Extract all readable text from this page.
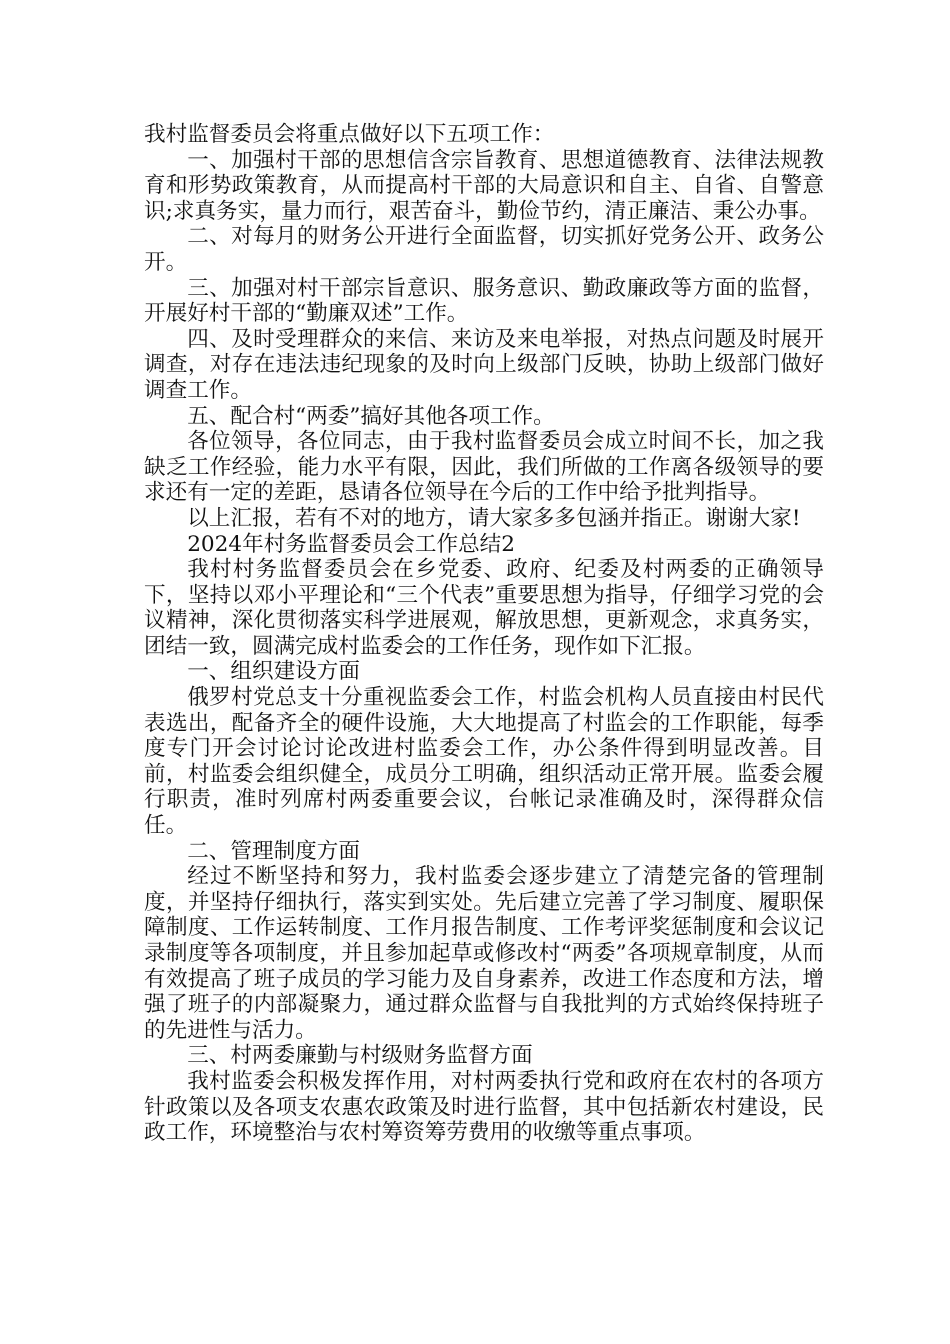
我村监督委员会将重点做好以下五项工作：

一、加强村干部的思想信含宗旨教育、思想道德教育、法律法规教育和形势政策教育，从而提高村干部的大局意识和自主、自省、自警意识;求真务实，量力而行，艰苦奋斗，勤俭节约，清正廉洁、秉公办事。

二、对每月的财务公开进行全面监督，切实抓好党务公开、政务公开。

三、加强对村干部宗旨意识、服务意识、勤政廉政等方面的监督，开展好村干部的“勤廉双述”工作。

四、及时受理群众的来信、来访及来电举报，对热点问题及时展开调查，对存在违法违纪现象的及时向上级部门反映，协助上级部门做好调查工作。

五、配合村“两委”搞好其他各项工作。

各位领导，各位同志，由于我村监督委员会成立时间不长，加之我缺乏工作经验，能力水平有限，因此，我们所做的工作离各级领导的要求还有一定的差距，恳请各位领导在今后的工作中给予批判指导。

以上汇报，若有不对的地方，请大家多多包涵并指正。谢谢大家!

2024年村务监督委员会工作总结2

我村村务监督委员会在乡党委、政府、纪委及村两委的正确领导下，坚持以邓小平理论和“三个代表”重要思想为指导，仔细学习党的会议精神，深化贯彻落实科学进展观，解放思想，更新观念，求真务实，团结一致，圆满完成村监委会的工作任务，现作如下汇报。

一、组织建设方面

俄罗村党总支十分重视监委会工作，村监会机构人员直接由村民代表选出，配备齐全的硬件设施，大大地提高了村监会的工作职能，每季度专门开会讨论讨论改进村监委会工作，办公条件得到明显改善。目前，村监委会组织健全，成员分工明确，组织活动正常开展。监委会履行职责，准时列席村两委重要会议，台帐记录准确及时，深得群众信任。

二、管理制度方面

经过不断坚持和努力，我村监委会逐步建立了清楚完备的管理制度，并坚持仔细执行，落实到实处。先后建立完善了学习制度、履职保障制度、工作运转制度、工作月报告制度、工作考评奖惩制度和会议记录制度等各项制度，并且参加起草或修改村“两委”各项规章制度，从而有效提高了班子成员的学习能力及自身素养，改进工作态度和方法，增强了班子的内部凝聚力，通过群众监督与自我批判的方式始终保持班子的先进性与活力。

三、村两委廉勤与村级财务监督方面

我村监委会积极发挥作用，对村两委执行党和政府在农村的各项方针政策以及各项支农惠农政策及时进行监督，其中包括新农村建设，民政工作，环境整治与农村筹资筹劳费用的收缴等重点事项。
